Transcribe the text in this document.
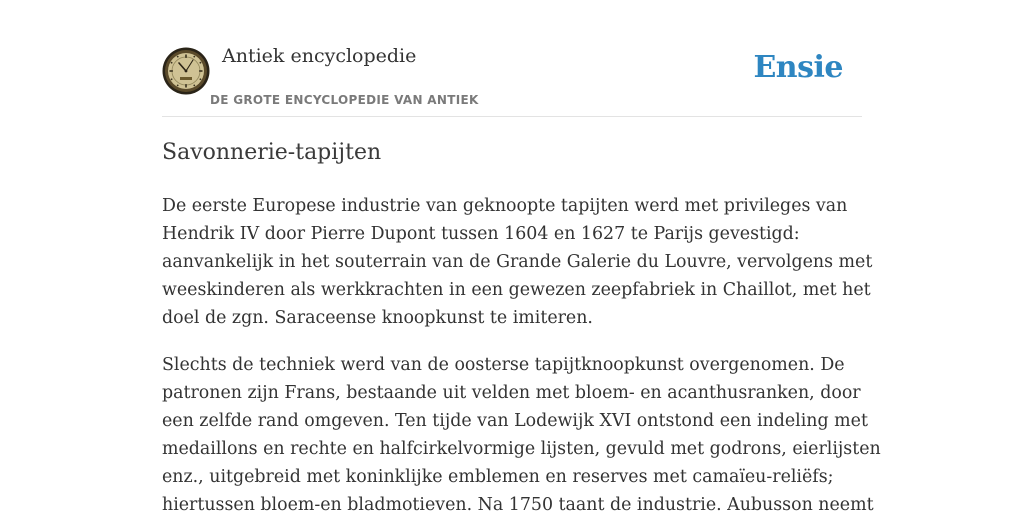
Antiek encyclopedie
DE GROTE ENCYCLOPEDIE VAN ANTIEK
Ensie
Savonnerie-tapijten

De eerste Europese industrie van geknoopte tapijten werd met privileges van
Hendrik IV door Pierre Dupont tussen 1604 en 1627 te Parijs gevestigd:
aanvankelijk in het souterrain van de Grande Galerie du Louvre, vervolgens met
weeskinderen als werkkrachten in een gewezen zeepfabriek in Chaillot, met het
doel de zgn. Saraceense knoopkunst te imiteren.

Slechts de techniek werd van de oosterse tapijtknoopkunst overgenomen. De
patronen zijn Frans, bestaande uit velden met bloem- en acanthusranken, door
een zelfde rand omgeven. Ten tijde van Lodewijk XVI ontstond een indeling met
medaillons en rechte en halfcirkelvormige lijsten, gevuld met godrons, eierlijsten
enz., uitgebreid met koninklijke emblemen en reserves met camaïeu-reliëfs;
hiertussen bloem-en bladmotieven. Na 1750 taant de industrie. Aubusson neemt
